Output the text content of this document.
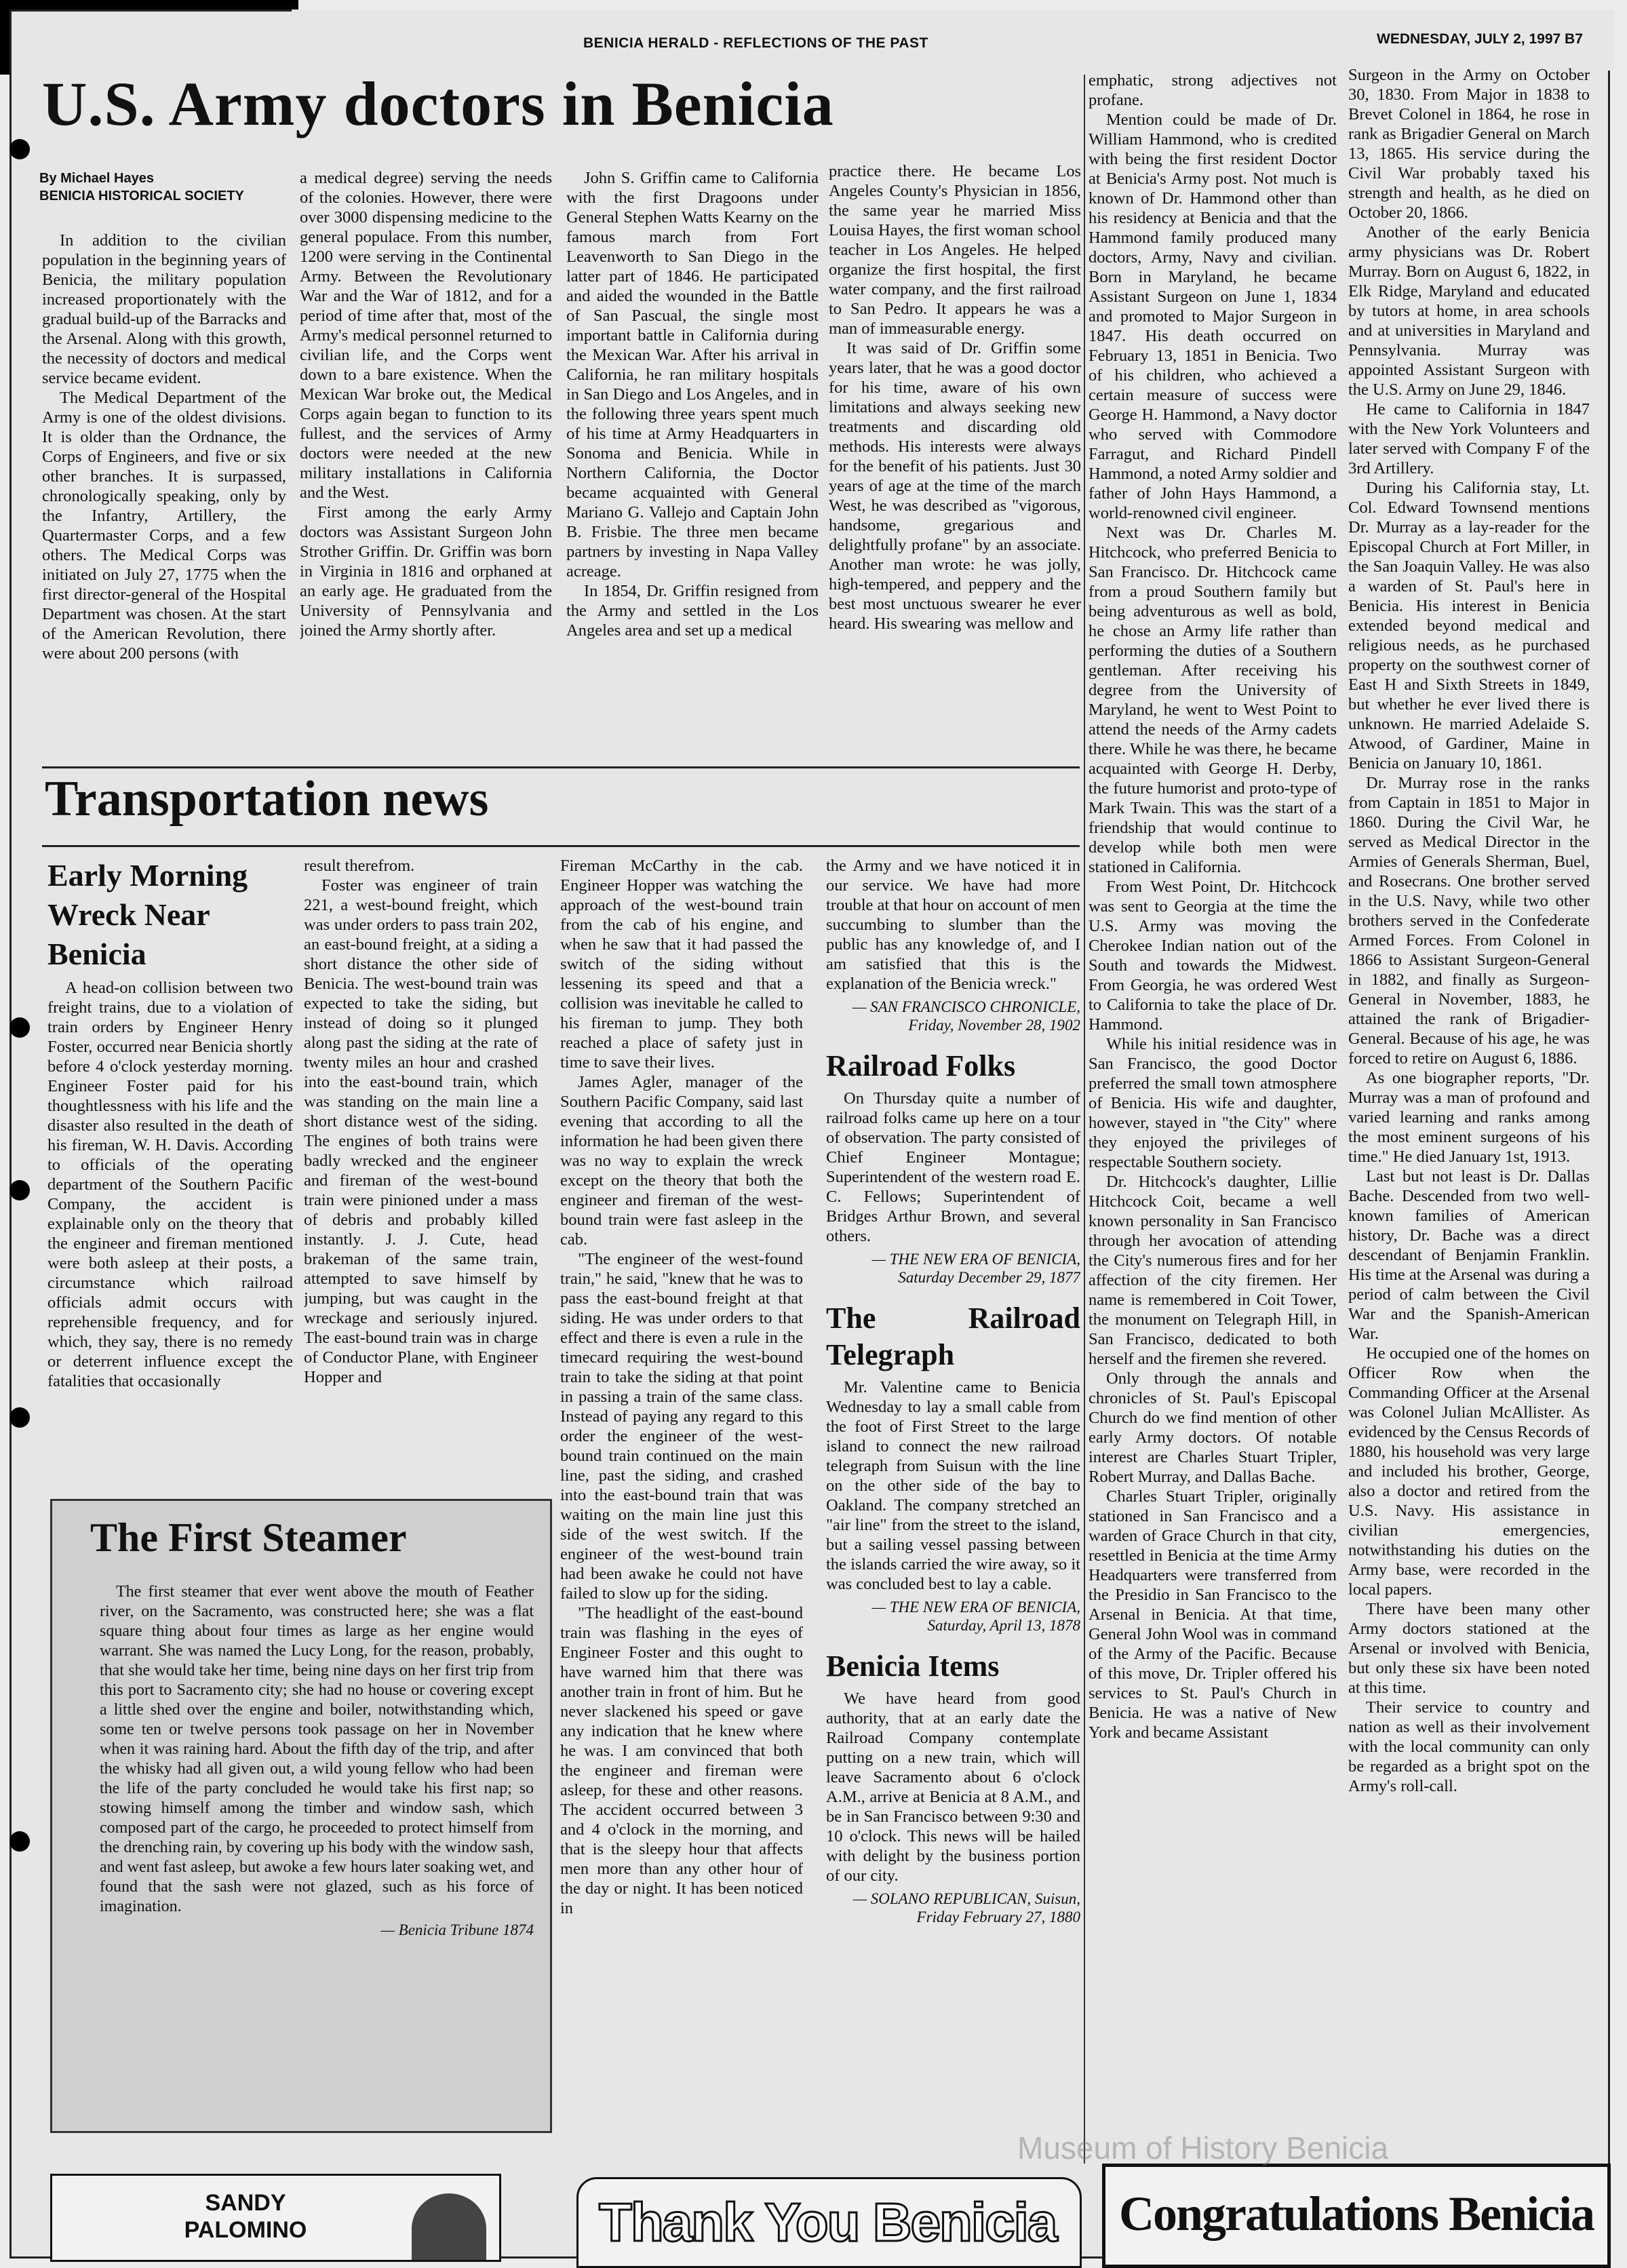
BENICIA HERALD - REFLECTIONS OF THE PAST	WEDNESDAY, JULY 2, 1997 B7
U.S. Army doctors in Benicia
By Michael Hayes
BENICIA HISTORICAL SOCIETY

In addition to the civilian population in the beginning years of Benicia, the military population increased proportionately with the gradual build-up of the Barracks and the Arsenal. Along with this growth, the necessity of doctors and medical service became evident.

The Medical Department of the Army is one of the oldest divisions. It is older than the Ordnance, the Corps of Engineers, and five or six other branches. It is surpassed, chronologically speaking, only by the Infantry, Artillery, the Quartermaster Corps, and a few others. The Medical Corps was initiated on July 27, 1775 when the first director-general of the Hospital Department was chosen. At the start of the American Revolution, there were about 200 persons (with

a medical degree) serving the needs of the colonies. However, there were over 3000 dispensing medicine to the general populace. From this number, 1200 were serving in the Continental Army. Between the Revolutionary War and the War of 1812, and for a period of time after that, most of the Army's medical personnel returned to civilian life, and the Corps went down to a bare existence. When the Mexican War broke out, the Medical Corps again began to function to its fullest, and the services of Army doctors were needed at the new military installations in California and the West.

First among the early Army doctors was Assistant Surgeon John Strother Griffin. Dr. Griffin was born in Virginia in 1816 and orphaned at an early age. He graduated from the University of Pennsylvania and joined the Army shortly after.

John S. Griffin came to California with the first Dragoons under General Stephen Watts Kearny on the famous march from Fort Leavenworth to San Diego in the latter part of 1846. He participated and aided the wounded in the Battle of San Pascual, the single most important battle in California during the Mexican War. After his arrival in California, he ran military hospitals in San Diego and Los Angeles, and in the following three years spent much of his time at Army Headquarters in Sonoma and Benicia. While in Northern California, the Doctor became acquainted with General Mariano G. Vallejo and Captain John B. Frisbie. The three men became partners by investing in Napa Valley acreage.

In 1854, Dr. Griffin resigned from the Army and settled in the Los Angeles area and set up a medical

practice there. He became Los Angeles County's Physician in 1856, the same year he married Miss Louisa Hayes, the first woman school teacher in Los Angeles. He helped organize the first hospital, the first water company, and the first railroad to San Pedro. It appears he was a man of immeasurable energy.

It was said of Dr. Griffin some years later, that he was a good doctor for his time, aware of his own limitations and always seeking new treatments and discarding old methods. His interests were always for the benefit of his patients. Just 30 years of age at the time of the march West, he was described as "vigorous, handsome, gregarious and delightfully profane" by an associate. Another man wrote: he was jolly, high-tempered, and peppery and the best most unctuous swearer he ever heard. His swearing was mellow and

emphatic, strong adjectives not profane.

Mention could be made of Dr. William Hammond, who is credited with being the first resident Doctor at Benicia's Army post. Not much is known of Dr. Hammond other than his residency at Benicia and that the Hammond family produced many doctors, Army, Navy and civilian. Born in Maryland, he became Assistant Surgeon on June 1, 1834 and promoted to Major Surgeon in 1847. His death occurred on February 13, 1851 in Benicia. Two of his children, who achieved a certain measure of success were George H. Hammond, a Navy doctor who served with Commodore Farragut, and Richard Pindell Hammond, a noted Army soldier and father of John Hays Hammond, a world-renowned civil engineer.

Next was Dr. Charles M. Hitchcock, who preferred Benicia to San Francisco. Dr. Hitchcock came from a proud Southern family but being adventurous as well as bold, he chose an Army life rather than performing the duties of a Southern gentleman. After receiving his degree from the University of Maryland, he went to West Point to attend the needs of the Army cadets there. While he was there, he became acquainted with George H. Derby, the future humorist and proto-type of Mark Twain. This was the start of a friendship that would continue to develop while both men were stationed in California.

From West Point, Dr. Hitchcock was sent to Georgia at the time the U.S. Army was moving the Cherokee Indian nation out of the South and towards the Midwest. From Georgia, he was ordered West to California to take the place of Dr. Hammond.

While his initial residence was in San Francisco, the good Doctor preferred the small town atmosphere of Benicia. His wife and daughter, however, stayed in "the City" where they enjoyed the privileges of respectable Southern society.

Dr. Hitchcock's daughter, Lillie Hitchcock Coit, became a well known personality in San Francisco through her avocation of attending the City's numerous fires and for her affection of the city firemen. Her name is remembered in Coit Tower, the monument on Telegraph Hill, in San Francisco, dedicated to both herself and the firemen she revered.

Only through the annals and chronicles of St. Paul's Episcopal Church do we find mention of other early Army doctors. Of notable interest are Charles Stuart Tripler, Robert Murray, and Dallas Bache.

Charles Stuart Tripler, originally stationed in San Francisco and a warden of Grace Church in that city, resettled in Benicia at the time Army Headquarters were transferred from the Presidio in San Francisco to the Arsenal in Benicia. At that time, General John Wool was in command of the Army of the Pacific. Because of this move, Dr. Tripler offered his services to St. Paul's Church in Benicia. He was a native of New York and became Assistant

Surgeon in the Army on October 30, 1830. From Major in 1838 to Brevet Colonel in 1864, he rose in rank as Brigadier General on March 13, 1865. His service during the Civil War probably taxed his strength and health, as he died on October 20, 1866.

Another of the early Benicia army physicians was Dr. Robert Murray. Born on August 6, 1822, in Elk Ridge, Maryland and educated by tutors at home, in area schools and at universities in Maryland and Pennsylvania. Murray was appointed Assistant Surgeon with the U.S. Army on June 29, 1846.

He came to California in 1847 with the New York Volunteers and later served with Company F of the 3rd Artillery.

During his California stay, Lt. Col. Edward Townsend mentions Dr. Murray as a lay-reader for the Episcopal Church at Fort Miller, in the San Joaquin Valley. He was also a warden of St. Paul's here in Benicia. His interest in Benicia extended beyond medical and religious needs, as he purchased property on the southwest corner of East H and Sixth Streets in 1849, but whether he ever lived there is unknown. He married Adelaide S. Atwood, of Gardiner, Maine in Benicia on January 10, 1861.

Dr. Murray rose in the ranks from Captain in 1851 to Major in 1860. During the Civil War, he served as Medical Director in the Armies of Generals Sherman, Buel, and Rosecrans. One brother served in the U.S. Navy, while two other brothers served in the Confederate Armed Forces. From Colonel in 1866 to Assistant Surgeon-General in 1882, and finally as Surgeon-General in November, 1883, he attained the rank of Brigadier-General. Because of his age, he was forced to retire on August 6, 1886.

As one biographer reports, "Dr. Murray was a man of profound and varied learning and ranks among the most eminent surgeons of his time." He died January 1st, 1913.

Last but not least is Dr. Dallas Bache. Descended from two well-known families of American history, Dr. Bache was a direct descendant of Benjamin Franklin. His time at the Arsenal was during a period of calm between the Civil War and the Spanish-American War.

He occupied one of the homes on Officer Row when the Commanding Officer at the Arsenal was Colonel Julian McAllister. As evidenced by the Census Records of 1880, his household was very large and included his brother, George, also a doctor and retired from the U.S. Navy. His assistance in civilian emergencies, notwithstanding his duties on the Army base, were recorded in the local papers.

There have been many other Army doctors stationed at the Arsenal or involved with Benicia, but only these six have been noted at this time.

Their service to country and nation as well as their involvement with the local community can only be regarded as a bright spot on the Army's roll-call.

Transportation news
Early Morning Wreck Near Benicia

A head-on collision between two freight trains, due to a violation of train orders by Engineer Henry Foster, occurred near Benicia shortly before 4 o'clock yesterday morning. Engineer Foster paid for his thoughtlessness with his life and the disaster also resulted in the death of his fireman, W. H. Davis. According to officials of the operating department of the Southern Pacific Company, the accident is explainable only on the theory that the engineer and fireman mentioned were both asleep at their posts, a circumstance which railroad officials admit occurs with reprehensible frequency, and for which, they say, there is no remedy or deterrent influence except the fatalities that occasionally

result therefrom.

Foster was engineer of train 221, a west-bound freight, which was under orders to pass train 202, an east-bound freight, at a siding a short distance the other side of Benicia. The west-bound train was expected to take the siding, but instead of doing so it plunged along past the siding at the rate of twenty miles an hour and crashed into the east-bound train, which was standing on the main line a short distance west of the siding. The engines of both trains were badly wrecked and the engineer and fireman of the west-bound train were pinioned under a mass of debris and probably killed instantly. J. J. Cute, head brakeman of the same train, attempted to save himself by jumping, but was caught in the wreckage and seriously injured. The east-bound train was in charge of Conductor Plane, with Engineer Hopper and

Fireman McCarthy in the cab. Engineer Hopper was watching the approach of the west-bound train from the cab of his engine, and when he saw that it had passed the switch of the siding without lessening its speed and that a collision was inevitable he called to his fireman to jump. They both reached a place of safety just in time to save their lives.

James Agler, manager of the Southern Pacific Company, said last evening that according to all the information he had been given there was no way to explain the wreck except on the theory that both the engineer and fireman of the west-bound train were fast asleep in the cab.

"The engineer of the west-found train," he said, "knew that he was to pass the east-bound freight at that siding. He was under orders to that effect and there is even a rule in the timecard requiring the west-bound train to take the siding at that point in passing a train of the same class. Instead of paying any regard to this order the engineer of the west-bound train continued on the main line, past the siding, and crashed into the east-bound train that was waiting on the main line just this side of the west switch. If the engineer of the west-bound train had been awake he could not have failed to slow up for the siding.

"The headlight of the east-bound train was flashing in the eyes of Engineer Foster and this ought to have warned him that there was another train in front of him. But he never slackened his speed or gave any indication that he knew where he was. I am convinced that both the engineer and fireman were asleep, for these and other reasons. The accident occurred between 3 and 4 o'clock in the morning, and that is the sleepy hour that affects men more than any other hour of the day or night. It has been noticed in

the Army and we have noticed it in our service. We have had more trouble at that hour on account of men succumbing to slumber than the public has any knowledge of, and I am satisfied that this is the explanation of the Benicia wreck."

— SAN FRANCISCO CHRONICLE, Friday, November 28, 1902
Railroad Folks

On Thursday quite a number of railroad folks came up here on a tour of observation. The party consisted of Chief Engineer Montague; Superintendent of the western road E. C. Fellows; Superintendent of Bridges Arthur Brown, and several others.

— THE NEW ERA OF BENICIA, Saturday December 29, 1877
The Railroad Telegraph

Mr. Valentine came to Benicia Wednesday to lay a small cable from the foot of First Street to the large island to connect the new railroad telegraph from Suisun with the line on the other side of the bay to Oakland. The company stretched an "air line" from the street to the island, but a sailing vessel passing between the islands carried the wire away, so it was concluded best to lay a cable.

— THE NEW ERA OF BENICIA, Saturday, April 13, 1878
Benicia Items

We have heard from good authority, that at an early date the Railroad Company contemplate putting on a new train, which will leave Sacramento about 6 o'clock A.M., arrive at Benicia at 8 A.M., and be in San Francisco between 9:30 and 10 o'clock. This news will be hailed with delight by the business portion of our city.

— SOLANO REPUBLICAN, Suisun, Friday February 27, 1880
The First Steamer

The first steamer that ever went above the mouth of Feather river, on the Sacramento, was constructed here; she was a flat square thing about four times as large as her engine would warrant. She was named the Lucy Long, for the reason, probably, that she would take her time, being nine days on her first trip from this port to Sacramento city; she had no house or covering except a little shed over the engine and boiler, notwithstanding which, some ten or twelve persons took passage on her in November when it was raining hard. About the fifth day of the trip, and after the whisky had all given out, a wild young fellow who had been the life of the party concluded he would take his first nap; so stowing himself among the timber and window sash, which composed part of the cargo, he proceeded to protect himself from the drenching rain, by covering up his body with the window sash, and went fast asleep, but awoke a few hours later soaking wet, and found that the sash were not glazed, such as his force of imagination.

— Benicia Tribune 1874
SANDY PALOMINO	Thank You Benicia Congratulations Benicia
Museum of History Benicia
